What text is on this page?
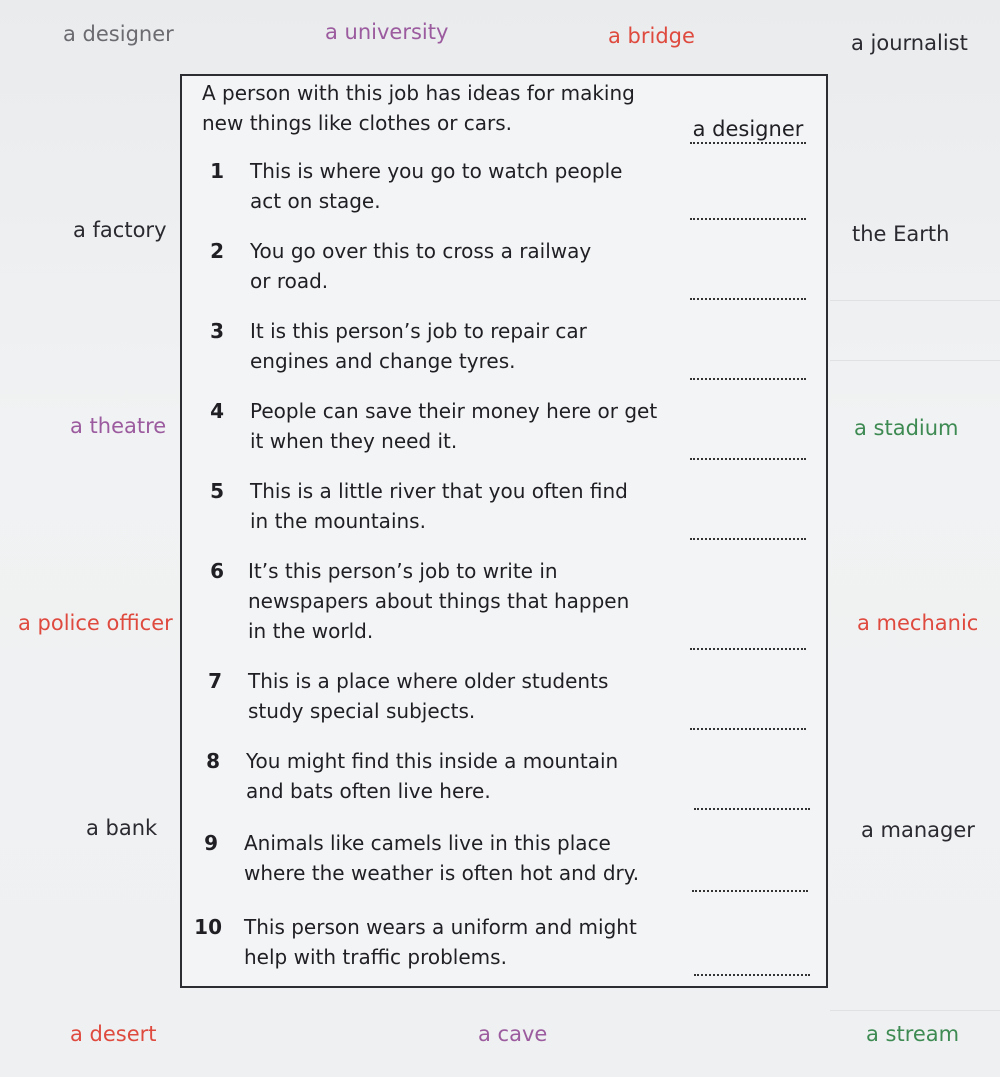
a designer	a university	a bridge	a journalist
a factory	the Earth
a theatre	a stadium
a police officer	a mechanic
a bank	a manager
a desert	a cave	a stream
A person with this job has ideas for making
new things like clothes or cars.	a designer
1 This is where you go to watch people
act on stage.
2 You go over this to cross a railway
or road.
3 It is this person’s job to repair car
engines and change tyres.
4 People can save their money here or get
it when they need it.
5 This is a little river that you often find
in the mountains.
6 It’s this person’s job to write in
newspapers about things that happen
in the world.
7 This is a place where older students
study special subjects.
8 You might find this inside a mountain
and bats often live here.
9 Animals like camels live in this place
where the weather is often hot and dry.
10 This person wears a uniform and might
help with traffic problems.
